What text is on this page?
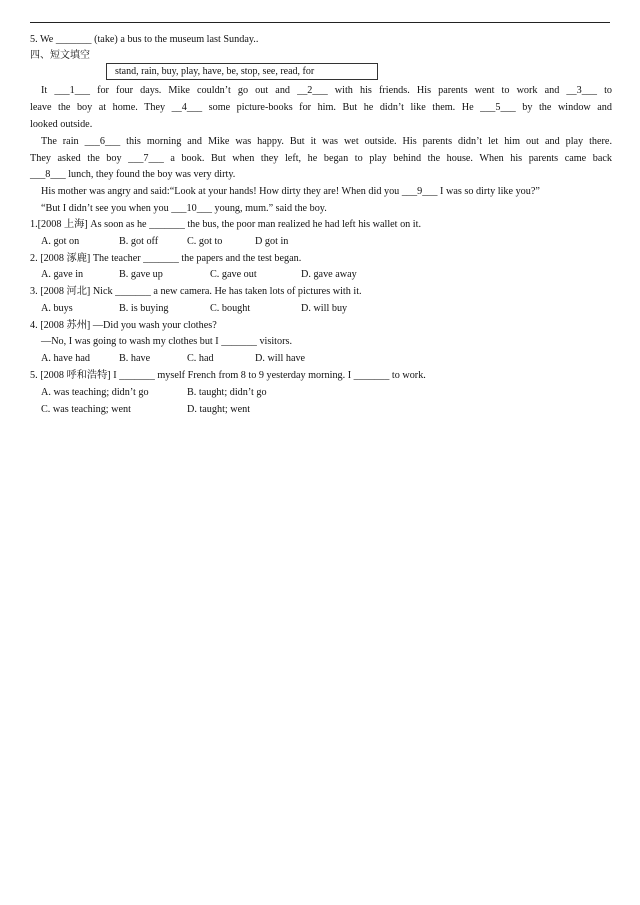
5. We _______ (take) a bus to the museum last Sunday..
四、短文填空
stand, rain, buy, play, have, be, stop, see, read, for
It ___1___ for four days. Mike couldn’t go out and __2___ with his friends. His parents went to work and __3___ to
leave the boy at home. They __4___ some picture-books for him. But he didn’t like them. He ___5___ by the window and
looked outside.
The rain ___6___ this morning and Mike was happy. But it was wet outside. His parents didn’t let him out and play there.
They asked the boy ___7___ a book. But when they left, he began to play behind the house. When his parents came back
___8___ lunch, they found the boy was very dirty.
His mother was angry and said:“Look at your hands! How dirty they are! When did you ___9___ I was so dirty like you?”
“But I didn’t see you when you ___10___ young, mum.” said the boy.
1.[2008 上海] As soon as he _______ the bus, the poor man realized he had left his wallet on it.
A. got on	B. got off	C. got to	D got in
2. [2008 涿鹿] The teacher _______ the papers and the test began.
A. gave in	B. gave up	C. gave out	D. gave away
3. [2008 河北] Nick _______ a new camera. He has taken lots of pictures with it.
A. buys	B. is buying	C. bought	D. will buy
4. [2008 苏州] —Did you wash your clothes?
—No, I was going to wash my clothes but I _______ visitors.
A. have had	B. have	C. had	D. will have
5. [2008 呼和浩特] I _______ myself French from 8 to 9 yesterday morning. I _______ to work.
A. was teaching; didn’t go	B. taught; didn’t go
C. was teaching; went	D. taught; went
